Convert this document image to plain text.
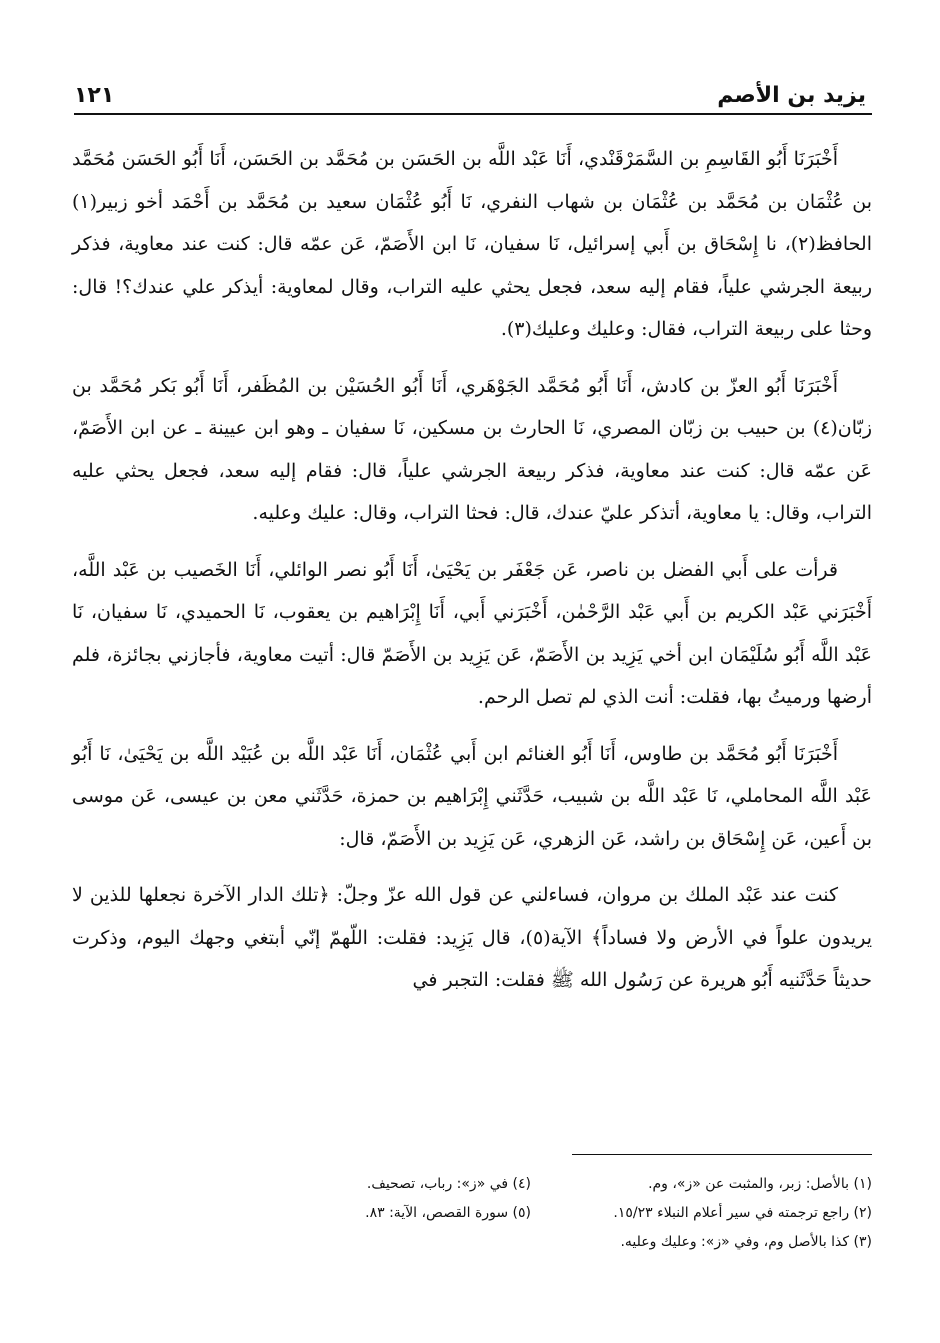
يزيد بن الأصم
١٢١

أَخْبَرَنَا أَبُو القَاسِمِ بن السَّمَرْقَنْدي، أَنَا عَبْد اللَّه بن الحَسَن بن مُحَمَّد بن الحَسَن، أَنَا أَبُو الحَسَن مُحَمَّد بن عُثْمَان بن مُحَمَّد بن عُثْمَان بن شهاب النفري، نَا أَبُو عُثْمَان سعيد بن مُحَمَّد بن أَحْمَد أخو زبير(١) الحافظ(٢)، نا إِسْحَاق بن أَبي إسرائيل، نَا سفيان، نَا ابن الأَصَمّ، عَن عمّه قال: كنت عند معاوية، فذكر ربيعة الجرشي علياً، فقام إليه سعد، فجعل يحثي عليه التراب، وقال لمعاوية: أيذكر علي عندك؟! قال: وحثا على ربيعة التراب، فقال: وعليك وعليك(٣).

أَخْبَرَنَا أَبُو العزّ بن كادش، أَنَا أَبُو مُحَمَّد الجَوْهَري، أَنَا أَبُو الحُسَيْن بن المُظَفر، أَنَا أَبُو بَكر مُحَمَّد بن زبّان(٤) بن حبيب بن زبّان المصري، نَا الحارث بن مسكين، نَا سفيان ـ وهو ابن عيينة ـ عن ابن الأَصَمّ، عَن عمّه قال: كنت عند معاوية، فذكر ربيعة الجرشي علياً، قال: فقام إليه سعد، فجعل يحثي عليه التراب، وقال: يا معاوية، أتذكر عليّ عندك، قال: فحثا التراب، وقال: عليك وعليه.

قرأت على أَبي الفضل بن ناصر، عَن جَعْفَر بن يَحْيَىٰ، أَنَا أَبُو نصر الوائلي، أَنَا الخَصيب بن عَبْد اللَّه، أَخْبَرَني عَبْد الكريم بن أَبي عَبْد الرَّحْمٰن، أَخْبَرَني أَبي، أَنَا إِبْرَاهيم بن يعقوب، نَا الحميدي، نَا سفيان، نَا عَبْد اللَّه أَبُو سُلَيْمَان ابن أخي يَزِيد بن الأَصَمّ، عَن يَزِيد بن الأَصَمّ قال: أتيت معاوية، فأجازني بجائزة، فلم أرضها ورميتُ بها، فقلت: أنت الذي لم تصل الرحم.

أَخْبَرَنَا أَبُو مُحَمَّد بن طاوس، أَنَا أَبُو الغنائم ابن أَبي عُثْمَان، أَنَا عَبْد اللَّه بن عُبَيْد اللَّه بن يَحْيَىٰ، نَا أَبُو عَبْد اللَّه المحاملي، نَا عَبْد اللَّه بن شبيب، حَدَّثَني إِبْرَاهيم بن حمزة، حَدَّثَني معن بن عيسى، عَن موسى بن أَعين، عَن إِسْحَاق بن راشد، عَن الزهري، عَن يَزِيد بن الأَصَمّ، قال:

كنت عند عَبْد الملك بن مروان، فساءلني عن قول الله عزّ وجلّ: ﴿تلك الدار الآخرة نجعلها للذين لا يريدون علواً في الأرض ولا فساداً﴾ الآية(٥)، قال يَزِيد: فقلت: اللّهمّ إنّي أبتغي وجهك اليوم، وذكرت حديثاً حَدَّثَنيه أَبُو هريرة عن رَسُول الله ﷺ فقلت: التجبر في

(١) بالأصل: زبر، والمثبت عن «ز»، وم.
(٤) في «ز»: رباب، تصحيف.
(٢) راجع ترجمته في سير أعلام النبلاء ١٥/٢٣.
(٥) سورة القصص، الآية: ٨٣.
(٣) كذا بالأصل وم، وفي «ز»: وعليك وعليه.
